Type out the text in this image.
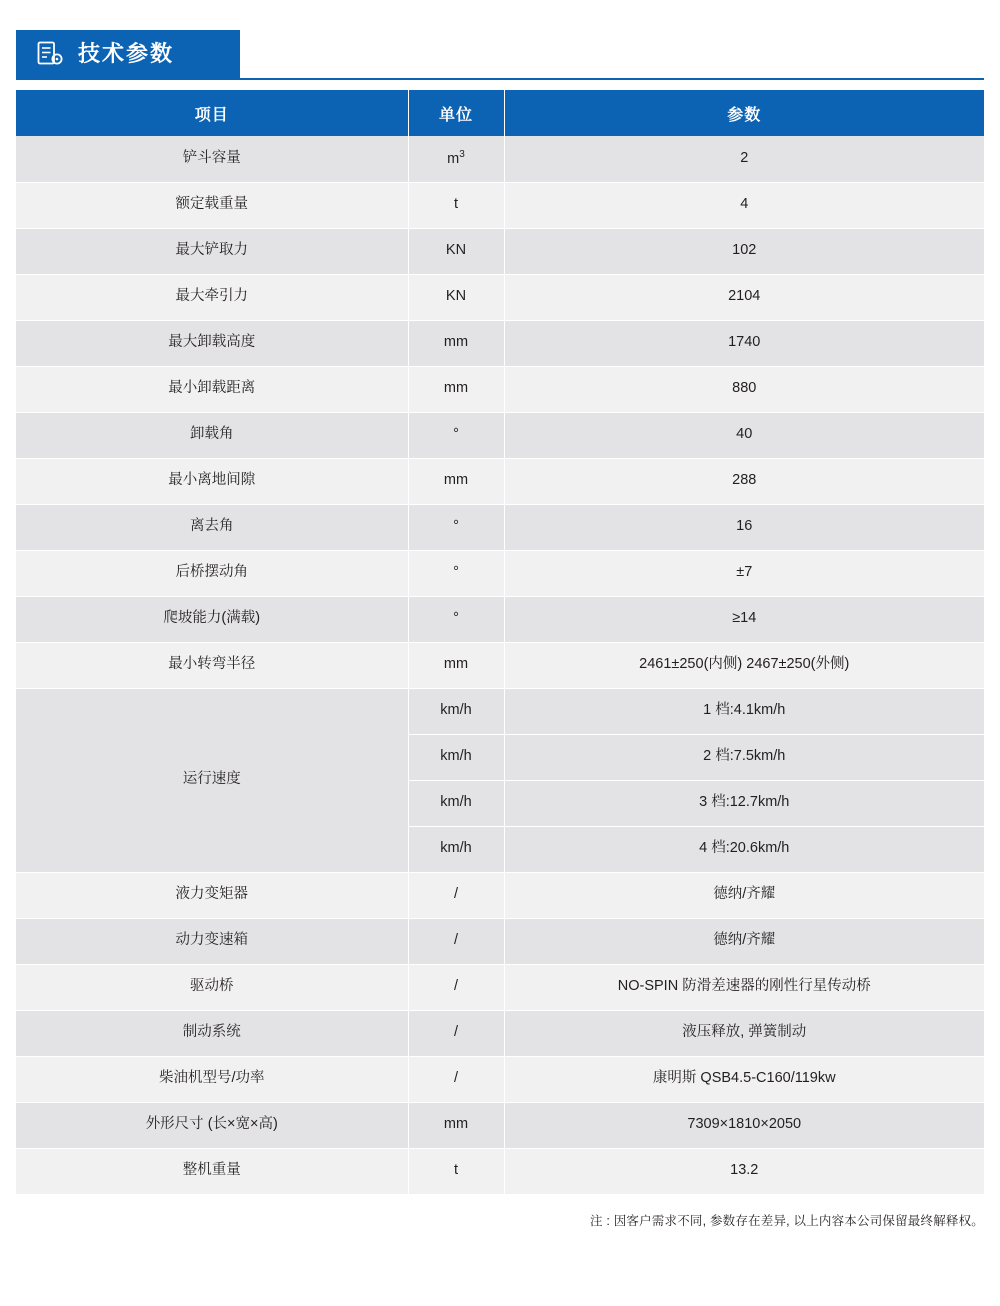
技术参数
项目	单位	参数
铲斗容量	$m^3$	2
额定载重量	t	4
最大铲取力	KN	102
最大牵引力	KN	2104
最大卸载高度	mm	1740
最小卸载距离	mm	880
卸载角	°	40
最小离地间隙	mm	288
离去角	°	16
后桥摆动角	°	±7
爬坡能力(满载)	°	≥14
最小转弯半径	mm	2461±250(内侧) 2467±250(外侧)
运行速度	km/h	1 档:4.1km/h
	km/h	2 档:7.5km/h
	km/h	3 档:12.7km/h
	km/h	4 档:20.6km/h
液力变矩器	/	德纳/齐耀
动力变速箱	/	德纳/齐耀
驱动桥	/	NO-SPIN 防滑差速器的刚性行星传动桥
制动系统	/	液压释放, 弹簧制动
柴油机型号/功率	/	康明斯 QSB4.5-C160/119kw
外形尺寸 (长×宽×高)	mm	7309×1810×2050
整机重量	t	13.2
注 : 因客户需求不同, 参数存在差异, 以上内容本公司保留最终解释权。
